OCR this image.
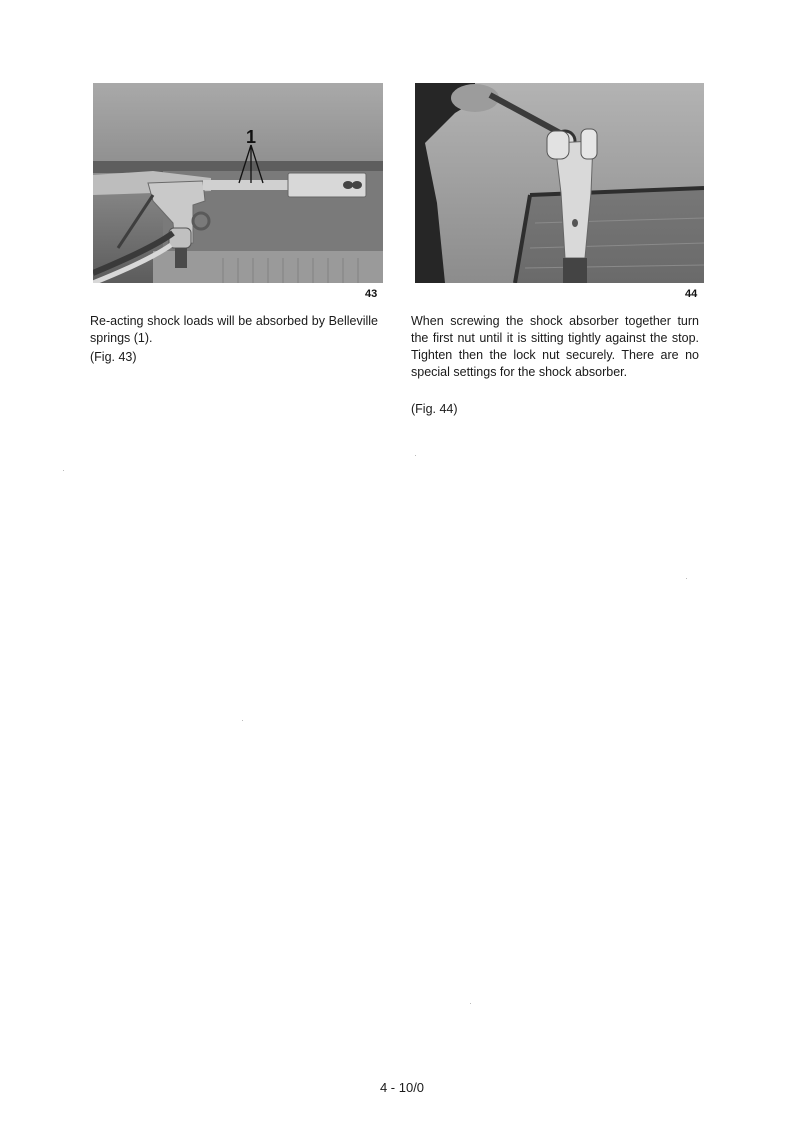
1
43	44
Re-acting shock loads will be absorbed by Belleville springs (1).
(Fig. 43)
When screwing the shock absorber together turn the first nut until it is sitting tightly against the stop. Tighten then the lock nut securely. There are no special settings for the shock absorber.
(Fig. 44)
4 - 10/0
